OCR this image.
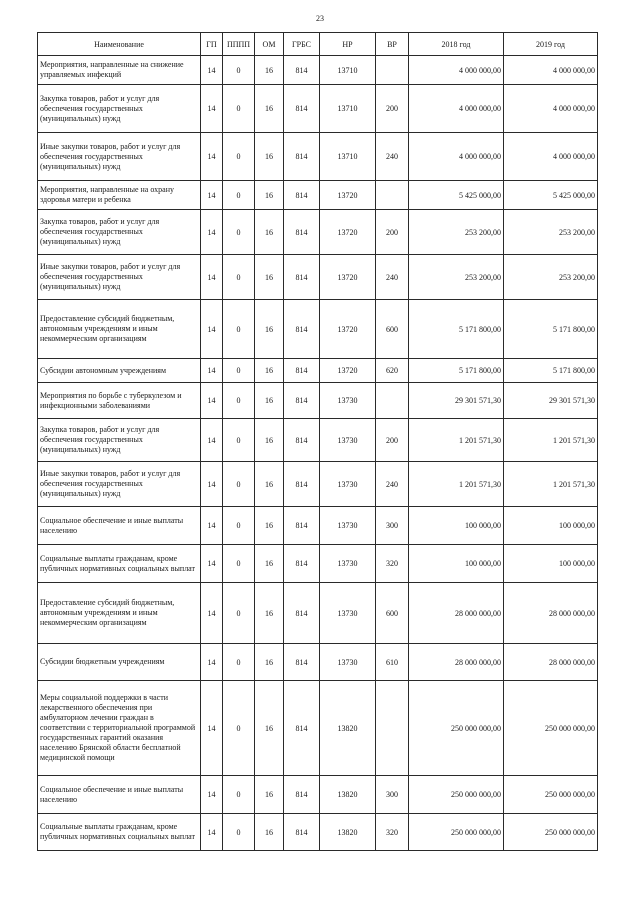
23
Наименование	ГП	ПППП	ОМ	ГРБС	НР	ВР	2018 год	2019 год
Мероприятия, направленные на снижение управляемых инфекций	14	0	16	814	13710		4 000 000,00	4 000 000,00
Закупка товаров, работ и услуг для обеспечения государственных (муниципальных) нужд	14	0	16	814	13710	200	4 000 000,00	4 000 000,00
Иные закупки товаров, работ и услуг для обеспечения государственных (муниципальных) нужд	14	0	16	814	13710	240	4 000 000,00	4 000 000,00
Мероприятия, направленные на охрану здоровья матери и ребенка	14	0	16	814	13720		5 425 000,00	5 425 000,00
Закупка товаров, работ и услуг для обеспечения государственных (муниципальных) нужд	14	0	16	814	13720	200	253 200,00	253 200,00
Иные закупки товаров, работ и услуг для обеспечения государственных (муниципальных) нужд	14	0	16	814	13720	240	253 200,00	253 200,00
Предоставление субсидий бюджетным, автономным учреждениям и иным некоммерческим организациям	14	0	16	814	13720	600	5 171 800,00	5 171 800,00
Субсидии автономным учреждениям	14	0	16	814	13720	620	5 171 800,00	5 171 800,00
Мероприятия по борьбе с туберкулезом и инфекционными заболеваниями	14	0	16	814	13730		29 301 571,30	29 301 571,30
Закупка товаров, работ и услуг для обеспечения государственных (муниципальных) нужд	14	0	16	814	13730	200	1 201 571,30	1 201 571,30
Иные закупки товаров, работ и услуг для обеспечения государственных (муниципальных) нужд	14	0	16	814	13730	240	1 201 571,30	1 201 571,30
Социальное обеспечение и иные выплаты населению	14	0	16	814	13730	300	100 000,00	100 000,00
Социальные выплаты гражданам, кроме публичных нормативных социальных выплат	14	0	16	814	13730	320	100 000,00	100 000,00
Предоставление субсидий бюджетным, автономным учреждениям и иным некоммерческим организациям	14	0	16	814	13730	600	28 000 000,00	28 000 000,00
Субсидии бюджетным учреждениям	14	0	16	814	13730	610	28 000 000,00	28 000 000,00
Меры социальной поддержки в части лекарственного обеспечения при амбулаторном лечении граждан в соответствии с территориальной программой государственных гарантий оказания населению Брянской области бесплатной медицинской помощи	14	0	16	814	13820		250 000 000,00	250 000 000,00
Социальное обеспечение и иные выплаты населению	14	0	16	814	13820	300	250 000 000,00	250 000 000,00
Социальные выплаты гражданам, кроме публичных нормативных социальных выплат	14	0	16	814	13820	320	250 000 000,00	250 000 000,00
